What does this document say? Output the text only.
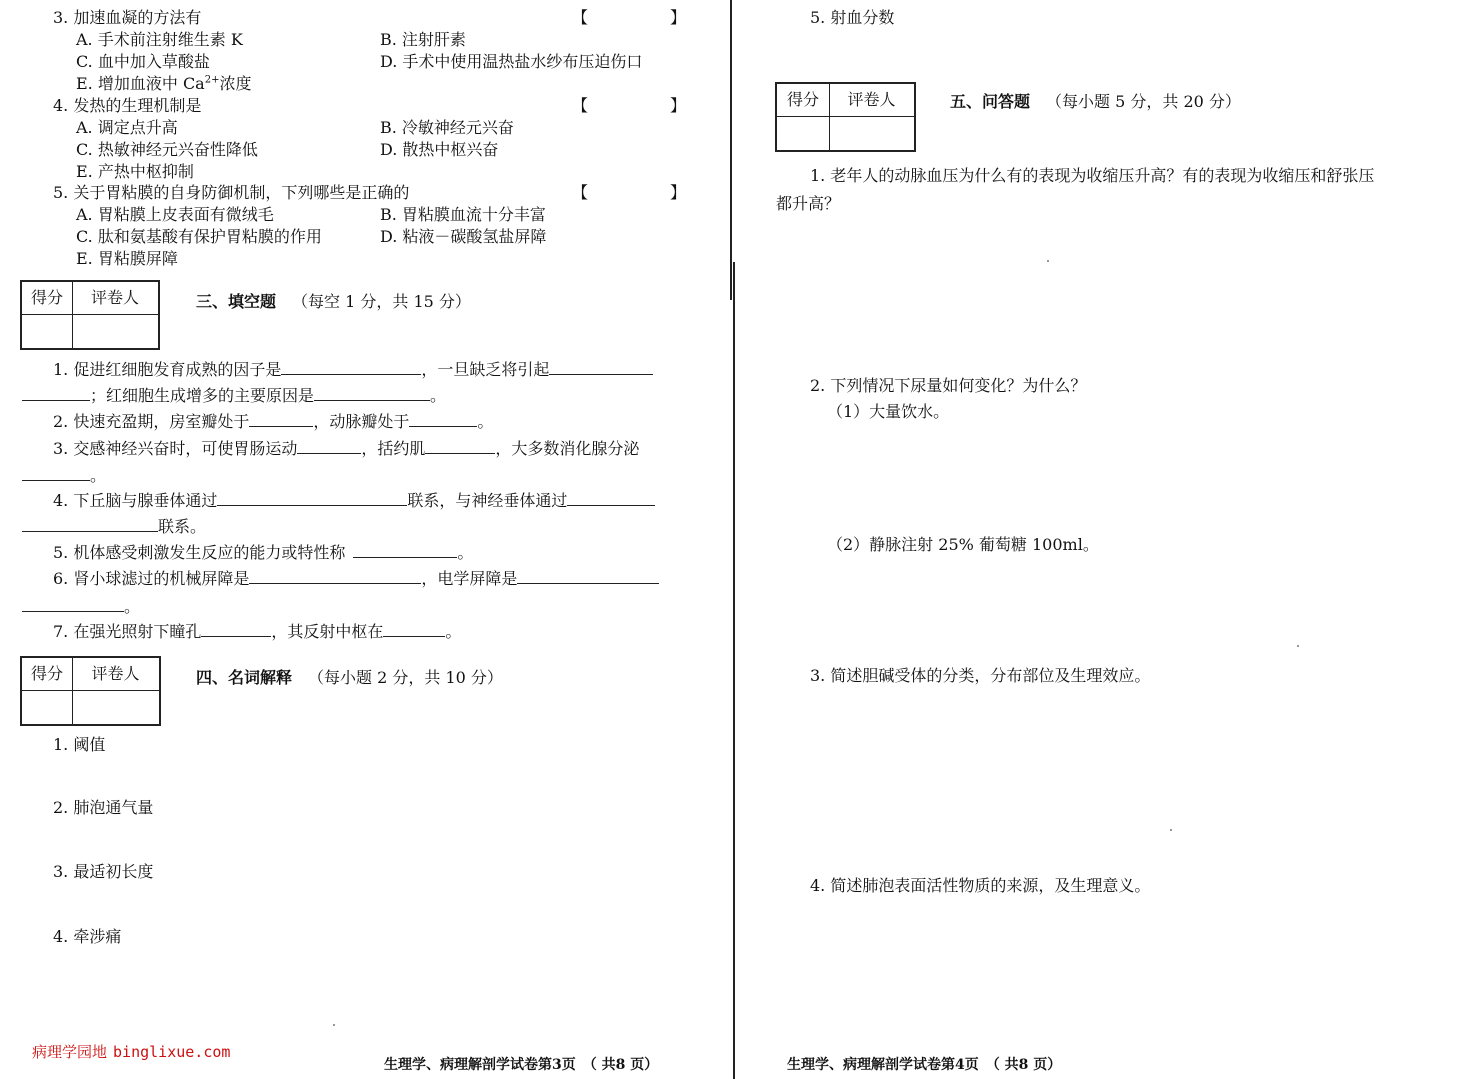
3. 加速血凝的方法有	【	】
A. 手术前注射维生素 K	B. 注射肝素
C. 血中加入草酸盐	D. 手术中使用温热盐水纱布压迫伤口
E. 增加血液中 $Ca^{2+}$浓度
4. 发热的生理机制是	【	】
A. 调定点升高	B. 冷敏神经元兴奋
C. 热敏神经元兴奋性降低	D. 散热中枢兴奋
E. 产热中枢抑制
5. 关于胃粘膜的自身防御机制，下列哪些是正确的	【	】
A. 胃粘膜上皮表面有微绒毛	B. 胃粘膜血流十分丰富
C. 肽和氨基酸有保护胃粘膜的作用	D. 粘液－碳酸氢盐屏障
E. 胃粘膜屏障
得分	评卷人	三、填空题 （每空 1 分，共 15 分）
1. 促进红细胞发育成熟的因子是	，一旦缺乏将引起
；红细胞生成增多的主要原因是	。
2. 快速充盈期，房室瓣处于	，动脉瓣处于	。
3. 交感神经兴奋时，可使胃肠运动	，括约肌	，大多数消化腺分泌
。
4. 下丘脑与腺垂体通过	联系，与神经垂体通过
联系。
5. 机体感受刺激发生反应的能力或特性称	。
6. 肾小球滤过的机械屏障是	，电学屏障是
。
7. 在强光照射下瞳孔	，其反射中枢在	。
得分	评卷人	四、名词解释 （每小题 2 分，共 10 分）
1. 阈值
2. 肺泡通气量
3. 最适初长度
4. 牵涉痛
病理学园地 binglixue.com
生理学、病理解剖学试卷第3页　（ 共8 页）
5. 射血分数
得分	评卷人	五、问答题 （每小题 5 分，共 20 分）
1. 老年人的动脉血压为什么有的表现为收缩压升高？有的表现为收缩压和舒张压
都升高？
2. 下列情况下尿量如何变化？为什么？
（1）大量饮水。
（2）静脉注射 25% 葡萄糖 100ml。
3. 简述胆碱受体的分类，分布部位及生理效应。
4. 简述肺泡表面活性物质的来源，及生理意义。
生理学、病理解剖学试卷第4页　（ 共8 页）
